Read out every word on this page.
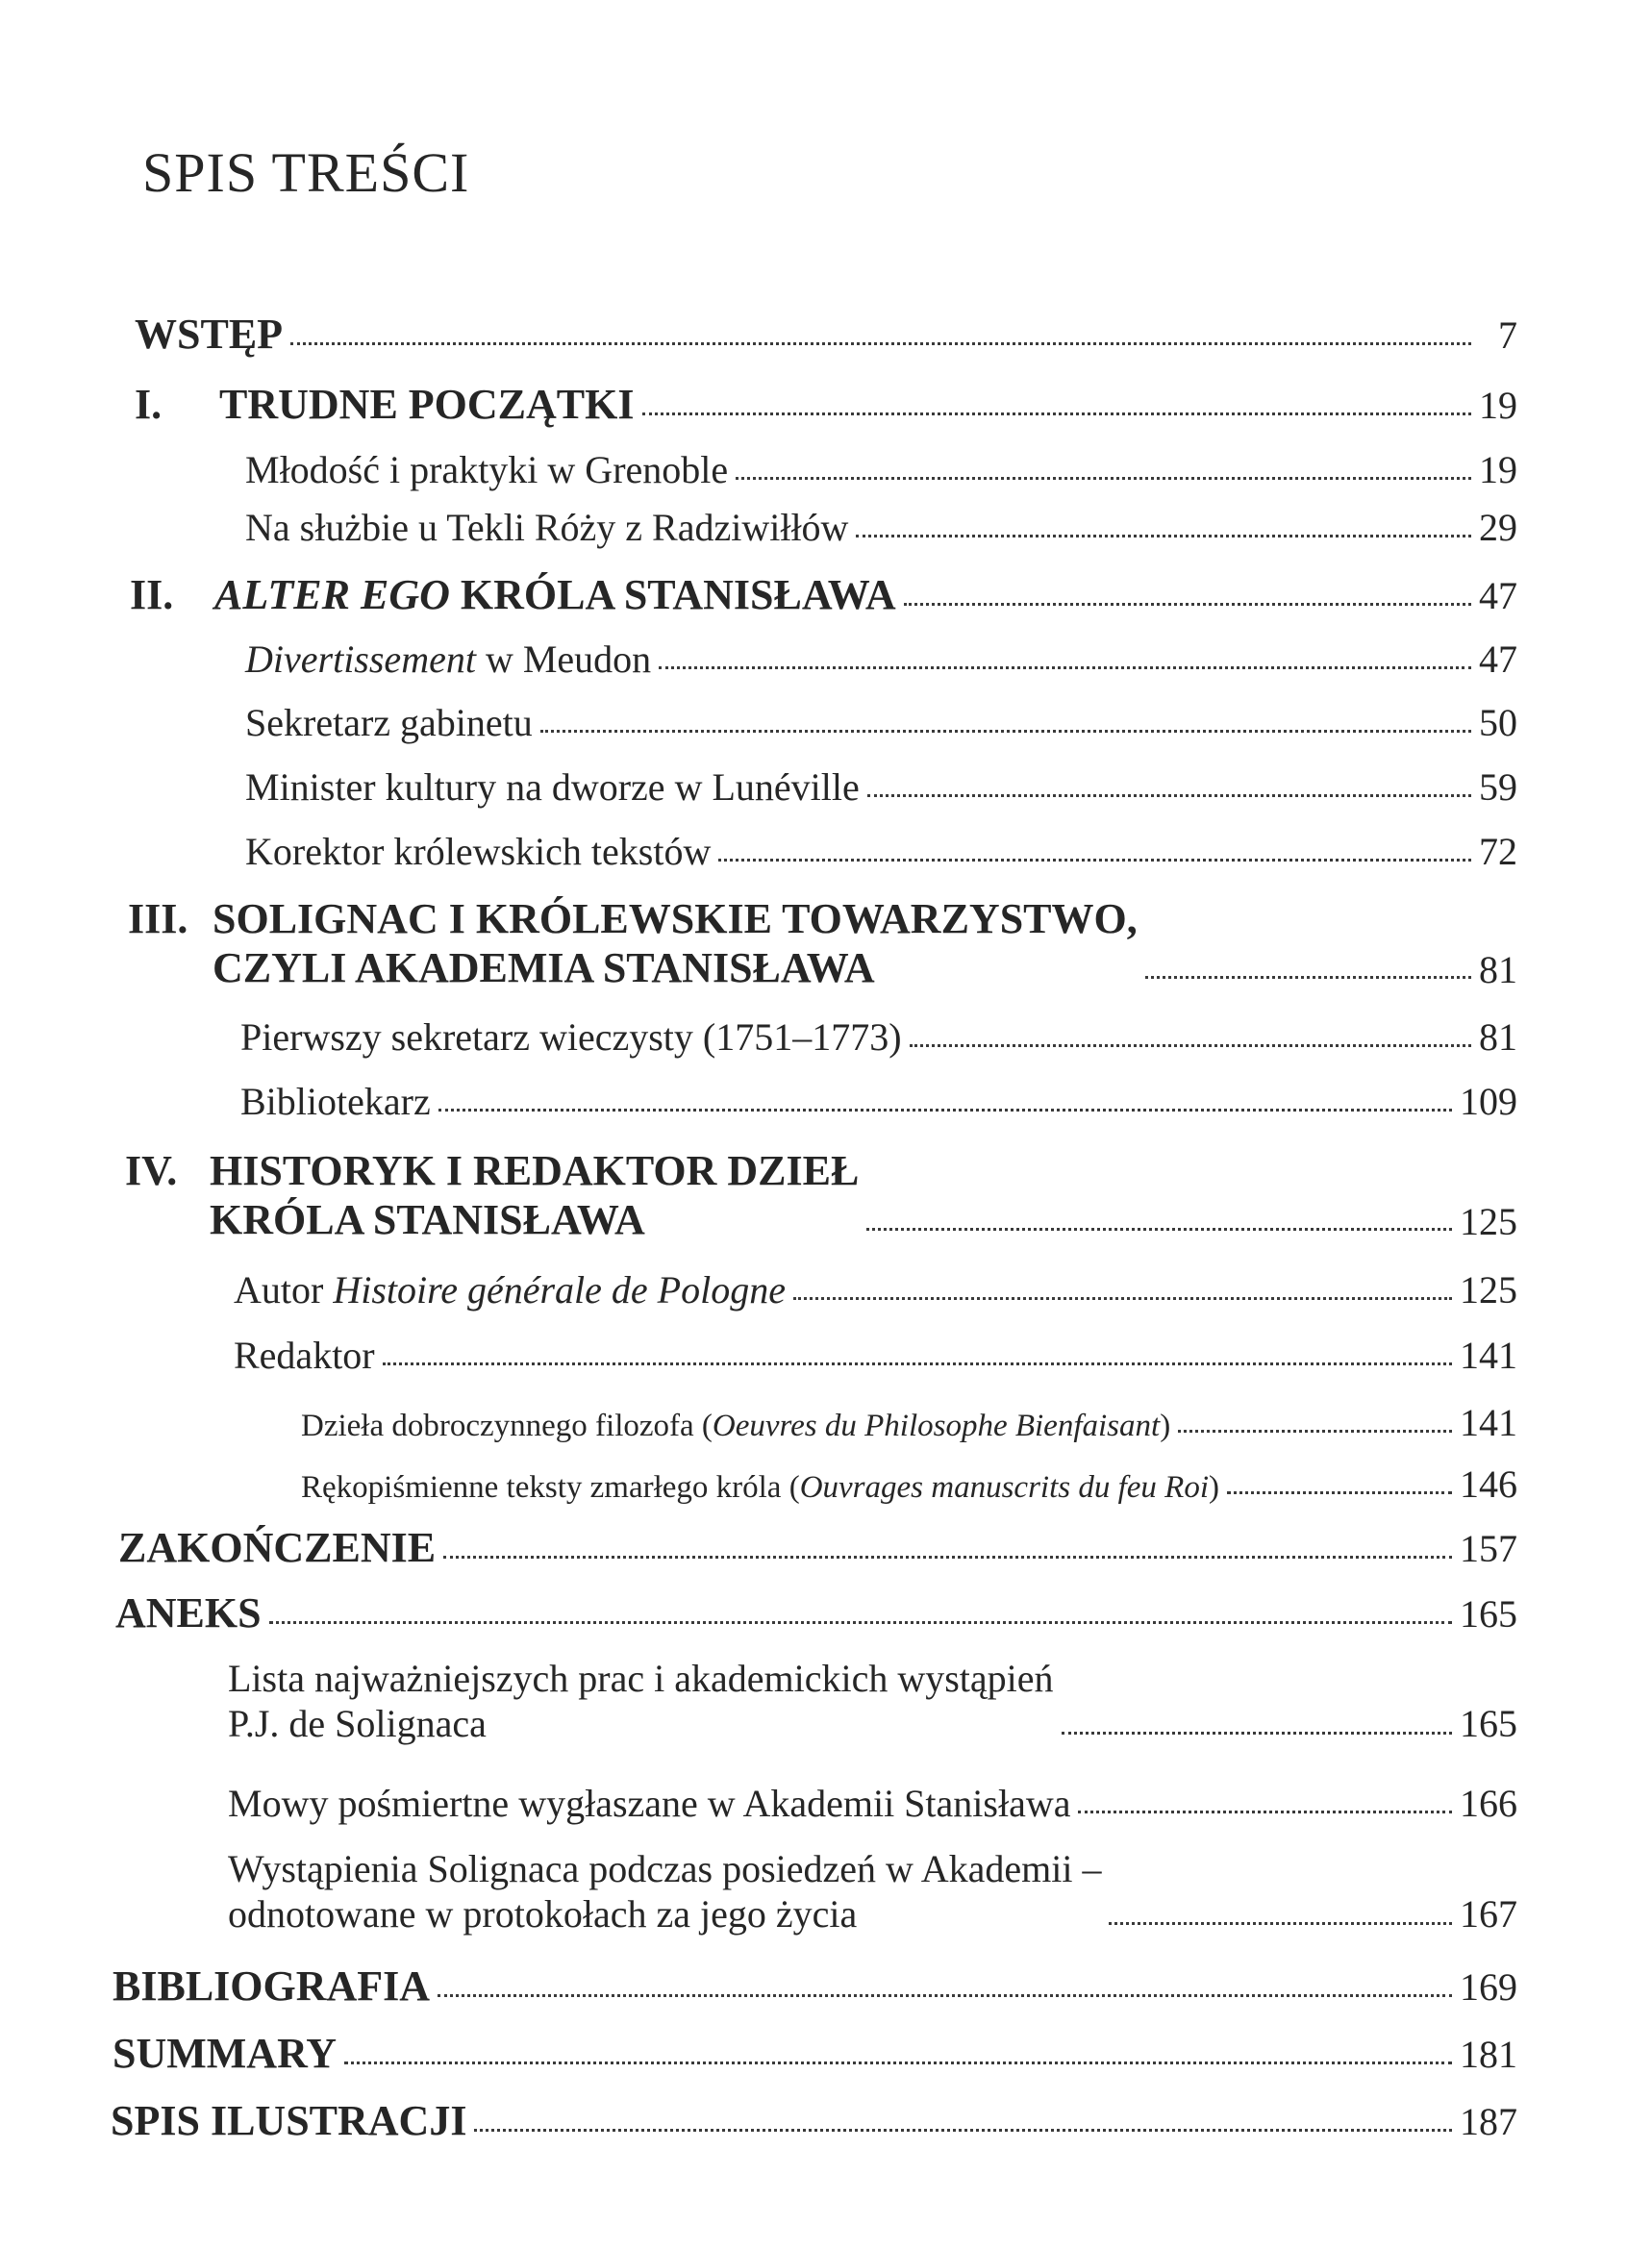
SPIS TREŚCI
WSTĘP	7
I.	TRUDNE POCZĄTKI	19
Młodość i praktyki w Grenoble	19
Na służbie u Tekli Róży z Radziwiłłów	29
II. ALTER EGO KRÓLA STANISŁAWA	47
Divertissement w Meudon	47
Sekretarz gabinetu	50
Minister kultury na dworze w Lunéville	59
Korektor królewskich tekstów	72
III. SOLIGNAC I KRÓLEWSKIE TOWARZYSTWO,
CZYLI AKADEMIA STANISŁAWA	81
Pierwszy sekretarz wieczysty (1751–1773)	81
Bibliotekarz	109
IV. HISTORYK I REDAKTOR DZIEŁ
KRÓLA STANISŁAWA	125
Autor Histoire générale de Pologne	125
Redaktor	141
Dzieła dobroczynnego filozofa (Oeuvres du Philosophe Bienfaisant)	141
Rękopiśmienne teksty zmarłego króla (Ouvrages manuscrits du feu Roi)	146
ZAKOŃCZENIE	157
ANEKS	165
Lista najważniejszych prac i akademickich wystąpień
P.J. de Solignaca	165
Mowy pośmiertne wygłaszane w Akademii Stanisława	166
Wystąpienia Solignaca podczas posiedzeń w Akademii –
odnotowane w protokołach za jego życia	167
BIBLIOGRAFIA	169
SUMMARY	181
SPIS ILUSTRACJI	187
